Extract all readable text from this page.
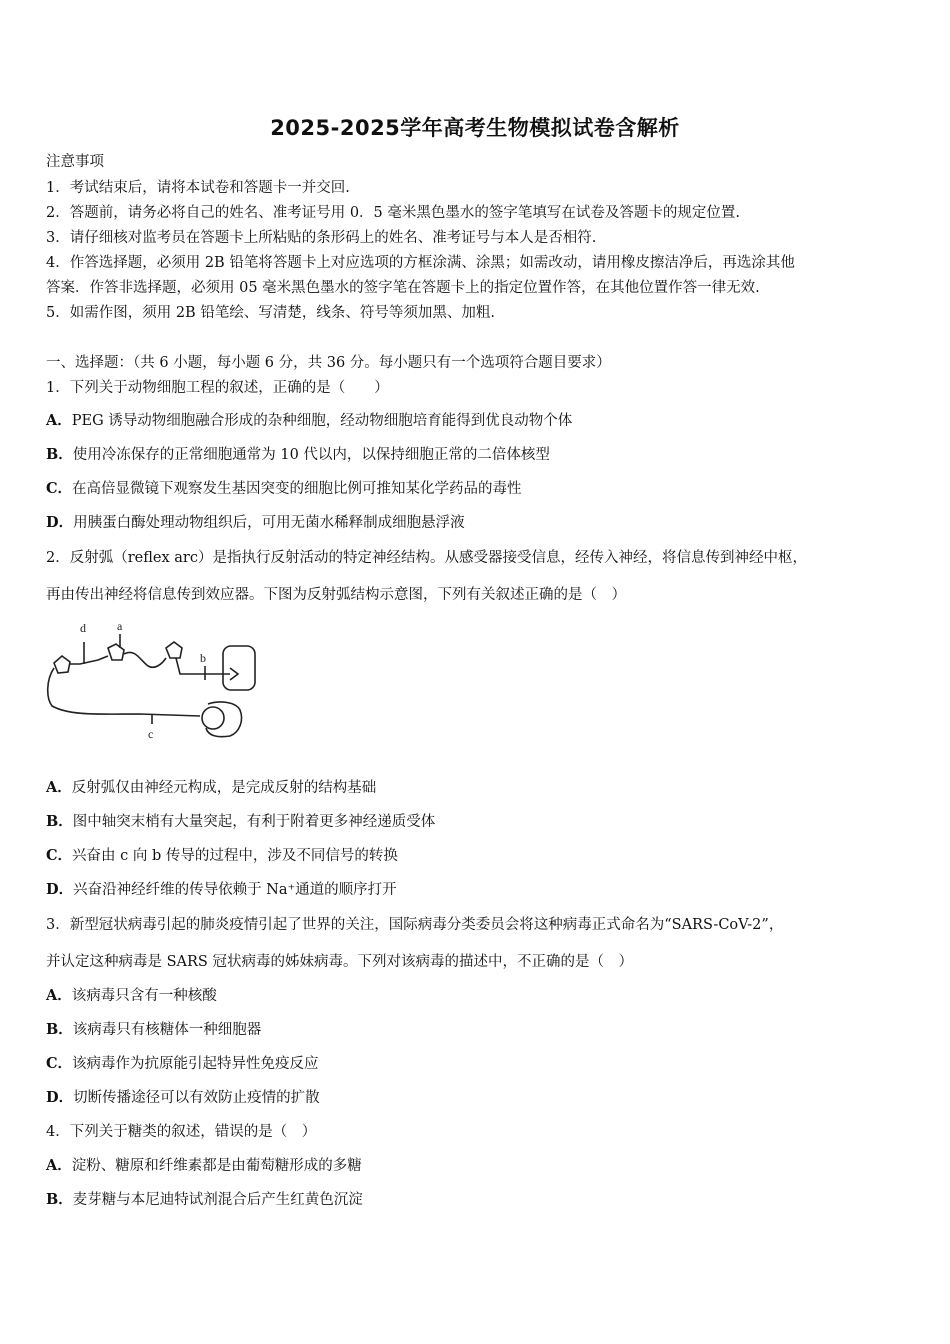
2025-2025学年高考生物模拟试卷含解析
注意事项
1．考试结束后，请将本试卷和答题卡一并交回.
2．答题前，请务必将自己的姓名、准考证号用 0．5 毫米黑色墨水的签字笔填写在试卷及答题卡的规定位置.
3．请仔细核对监考员在答题卡上所粘贴的条形码上的姓名、准考证号与本人是否相符.
4．作答选择题，必须用 2B 铅笔将答题卡上对应选项的方框涂满、涂黑；如需改动，请用橡皮擦洁净后，再选涂其他
答案．作答非选择题，必须用 05 毫米黑色墨水的签字笔在答题卡上的指定位置作答，在其他位置作答一律无效.
5．如需作图，须用 2B 铅笔绘、写清楚，线条、符号等须加黑、加粗.
一、选择题：（共 6 小题，每小题 6 分，共 36 分。每小题只有一个选项符合题目要求）
1．下列关于动物细胞工程的叙述，正确的是（　　）
A．PEG 诱导动物细胞融合形成的杂种细胞，经动物细胞培育能得到优良动物个体
B．使用冷冻保存的正常细胞通常为 10 代以内，以保持细胞正常的二倍体核型
C．在高倍显微镜下观察发生基因突变的细胞比例可推知某化学药品的毒性
D．用胰蛋白酶处理动物组织后，可用无菌水稀释制成细胞悬浮液
2．反射弧（reflex arc）是指执行反射活动的特定神经结构。从感受器接受信息，经传入神经，将信息传到神经中枢，
再由传出神经将信息传到效应器。下图为反射弧结构示意图，下列有关叙述正确的是（　）
d	a
b
c
A．反射弧仅由神经元构成，是完成反射的结构基础
B．图中轴突末梢有大量突起，有利于附着更多神经递质受体
C．兴奋由 c 向 b 传导的过程中，涉及不同信号的转换
D．兴奋沿神经纤维的传导依赖于 Na⁺通道的顺序打开
3．新型冠状病毒引起的肺炎疫情引起了世界的关注，国际病毒分类委员会将这种病毒正式命名为“SARS-CoV-2”，
并认定这种病毒是 SARS 冠状病毒的姊妹病毒。下列对该病毒的描述中，不正确的是（　）
A．该病毒只含有一种核酸
B．该病毒只有核糖体一种细胞器
C．该病毒作为抗原能引起特异性免疫反应
D．切断传播途径可以有效防止疫情的扩散
4．下列关于糖类的叙述，错误的是（　）
A．淀粉、糖原和纤维素都是由葡萄糖形成的多糖
B．麦芽糖与本尼迪特试剂混合后产生红黄色沉淀
